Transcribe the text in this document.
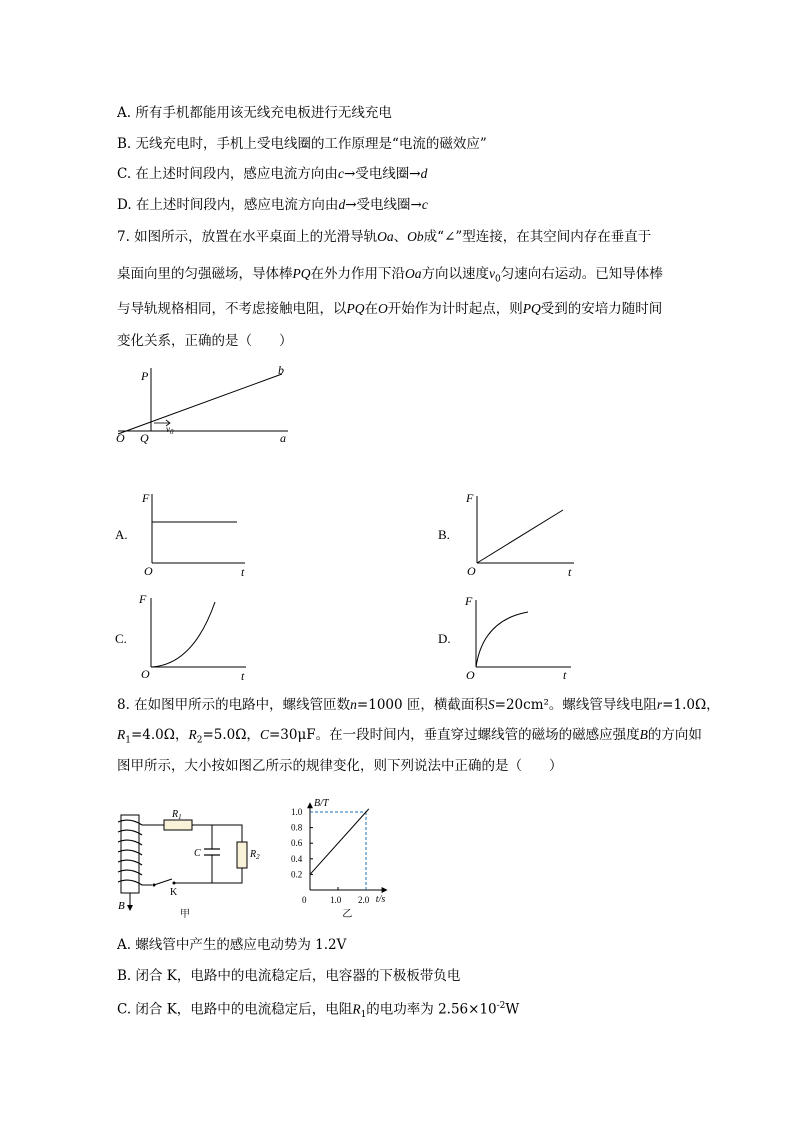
A. 所有手机都能用该无线充电板进行无线充电
B. 无线充电时，手机上受电线圈的工作原理是“电流的磁效应”
C. 在上述时间段内，感应电流方向由c→受电线圈→d
D. 在上述时间段内，感应电流方向由d→受电线圈→c
7. 如图所示，放置在水平桌面上的光滑导轨Oa、Ob成“∠”型连接，在其空间内存在垂直于
桌面向里的匀强磁场，导体棒PQ在外力作用下沿Oa方向以速度$v_0$匀速向右运动。已知导体棒
与导轨规格相同，不考虑接触电阻，以PQ在O开始作为计时起点，则PQ受到的安培力随时间
变化关系，正确的是（　　）
P	b
O Q	a
$v_0$
A.
F
O	t
B.
F
O	t
C.
F
O	t
D.
F
O	t
8. 在如图甲所示的电路中，螺线管匝数n=1000 匝，横截面积S=20cm²。螺线管导线电阻r=1.0Ω，
$R_1=4.0\Omega$，$R_2=5.0\Omega$，C=30μF。在一段时间内，垂直穿过螺线管的磁场的磁感应强度B的方向如
图甲所示，大小按如图乙所示的规律变化，则下列说法中正确的是（　　）
B
$R_1$
$R_2$
C
K
甲
B/T
t/s
1.0
0.8
0.6
0.4
0.2
0	1.0 2.0
乙
A. 螺线管中产生的感应电动势为 1.2V
B. 闭合 K，电路中的电流稳定后，电容器的下极板带负电
C. 闭合 K，电路中的电流稳定后，电阻$R_1$的电功率为 $2.56\times 10^{-2}W$
